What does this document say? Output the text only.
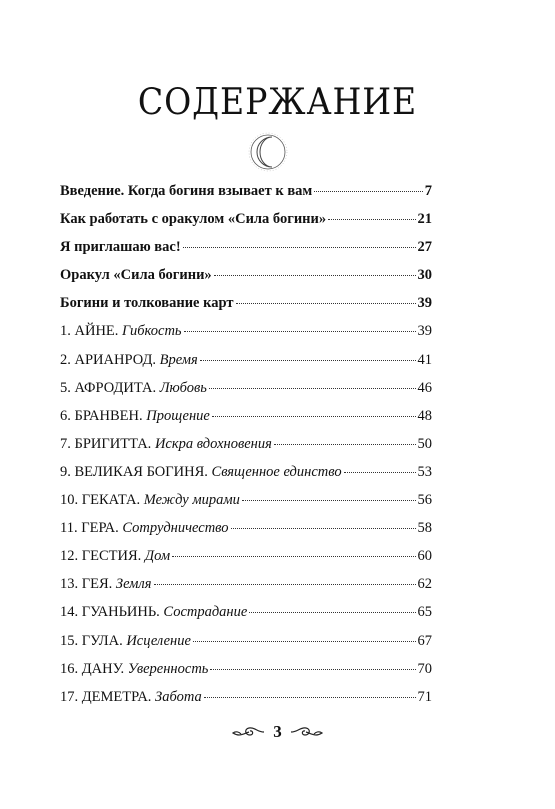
СОДЕРЖАНИЕ
Введение. Когда богиня взывает к вам	7
Как работать с оракулом «Сила богини»	21
Я приглашаю вас!	27
Оракул «Сила богини»	30
Богини и толкование карт	39
1. АЙНЕ. Гибкость	39
2. АРИАНРОД. Время	41
5. АФРОДИТА. Любовь	46
6. БРАНВЕН. Прощение	48
7. БРИГИТТА. Искра вдохновения	50
9. ВЕЛИКАЯ БОГИНЯ. Священное единство	53
10. ГЕКАТА. Между мирами	56
11. ГЕРА. Сотрудничество	58
12. ГЕСТИЯ. Дом	60
13. ГЕЯ. Земля	62
14. ГУАНЬИНЬ. Сострадание	65
15. ГУЛА. Исцеление	67
16. ДАНУ. Уверенность	70
17. ДЕМЕТРА. Забота	71
3
